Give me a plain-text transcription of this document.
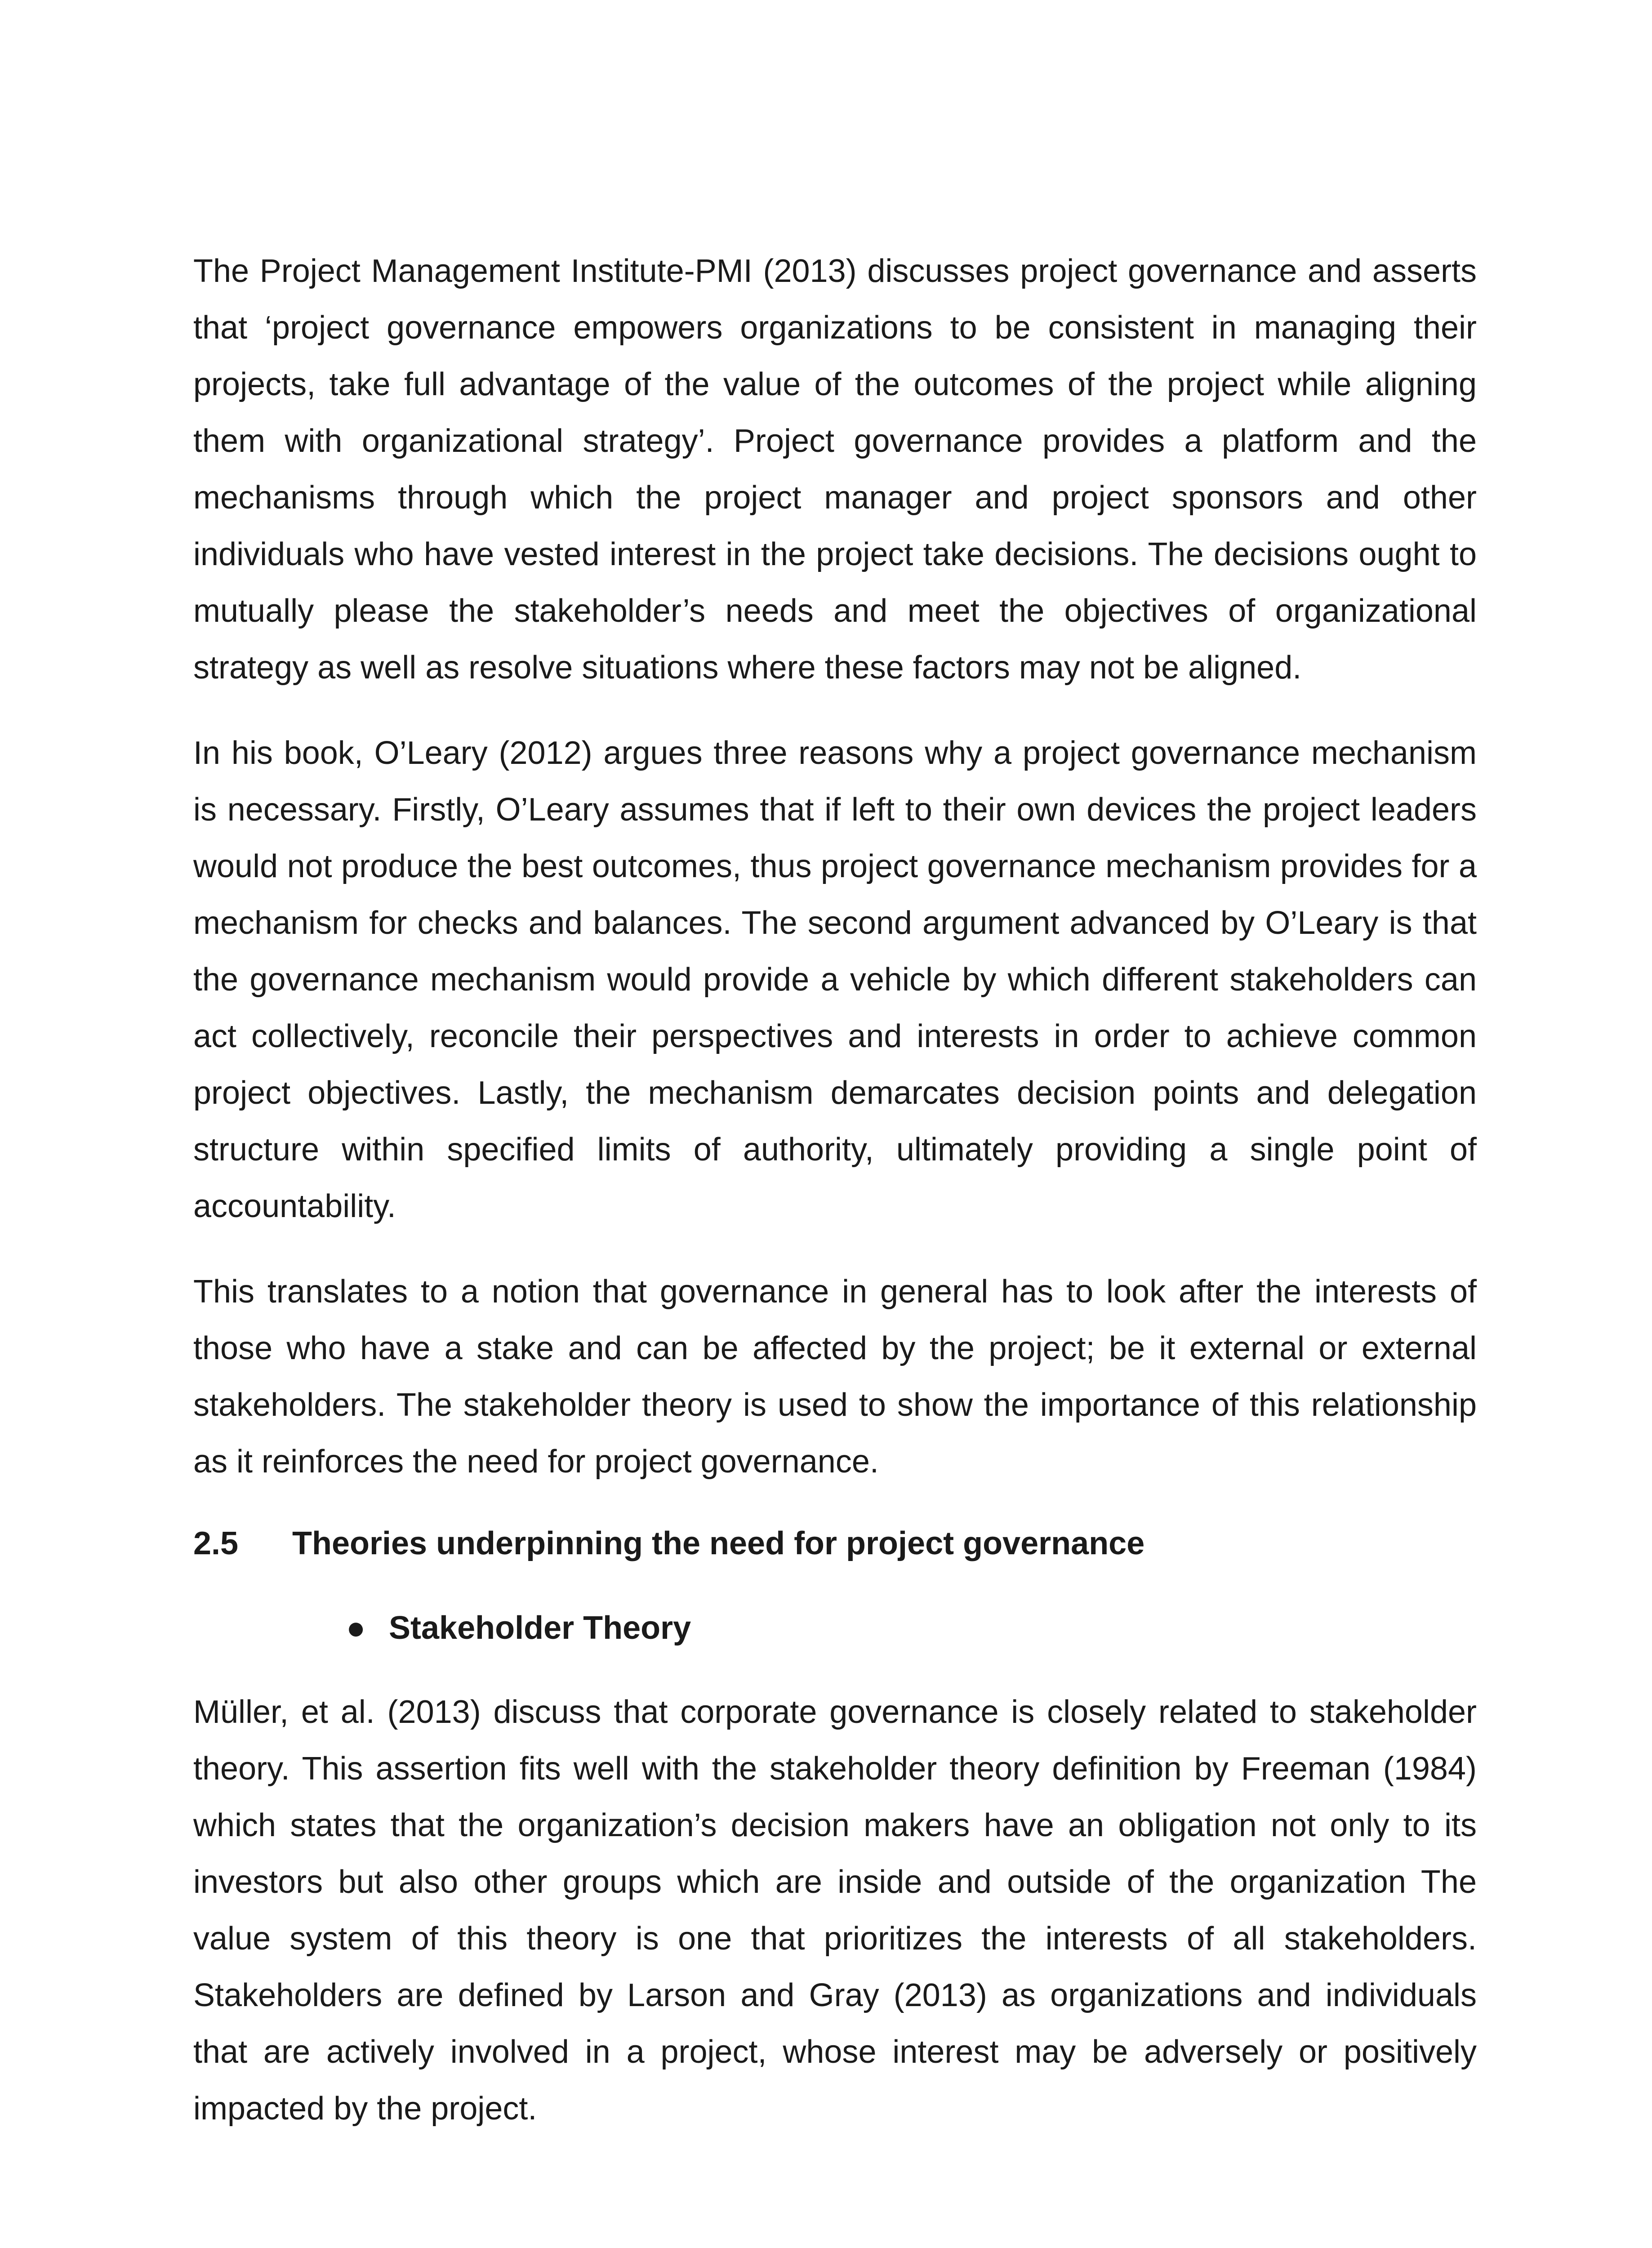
The Project Management Institute-PMI (2013) discusses project governance and asserts that ‘project governance empowers organizations to be consistent in managing their projects, take full advantage of the value of the outcomes of the project while aligning them with organizational strategy’. Project governance provides a platform and the mechanisms through which the project manager and project sponsors and other individuals who have vested interest in the project take decisions. The decisions ought to mutually please the stakeholder’s needs and meet the objectives of organizational strategy as well as resolve situations where these factors may not be aligned.

In his book, O’Leary (2012) argues three reasons why a project governance mechanism is necessary. Firstly, O’Leary assumes that if left to their own devices the project leaders would not produce the best outcomes, thus project governance mechanism provides for a mechanism for checks and balances. The second argument advanced by O’Leary is that the governance mechanism would provide a vehicle by which different stakeholders can act collectively, reconcile their perspectives and interests in order to achieve common project objectives. Lastly, the mechanism demarcates decision points and delegation structure within specified limits of authority, ultimately providing a single point of accountability.

This translates to a notion that governance in general has to look after the interests of those who have a stake and can be affected by the project; be it external or external stakeholders. The stakeholder theory is used to show the importance of this relationship as it reinforces the need for project governance.

2.5 Theories underpinning the need for project governance
● Stakeholder Theory

Müller, et al. (2013) discuss that corporate governance is closely related to stakeholder theory. This assertion fits well with the stakeholder theory definition by Freeman (1984) which states that the organization’s decision makers have an obligation not only to its investors but also other groups which are inside and outside of the organization The value system of this theory is one that prioritizes the interests of all stakeholders. Stakeholders are defined by Larson and Gray (2013) as organizations and individuals that are actively involved in a project, whose interest may be adversely or positively impacted by the project.
